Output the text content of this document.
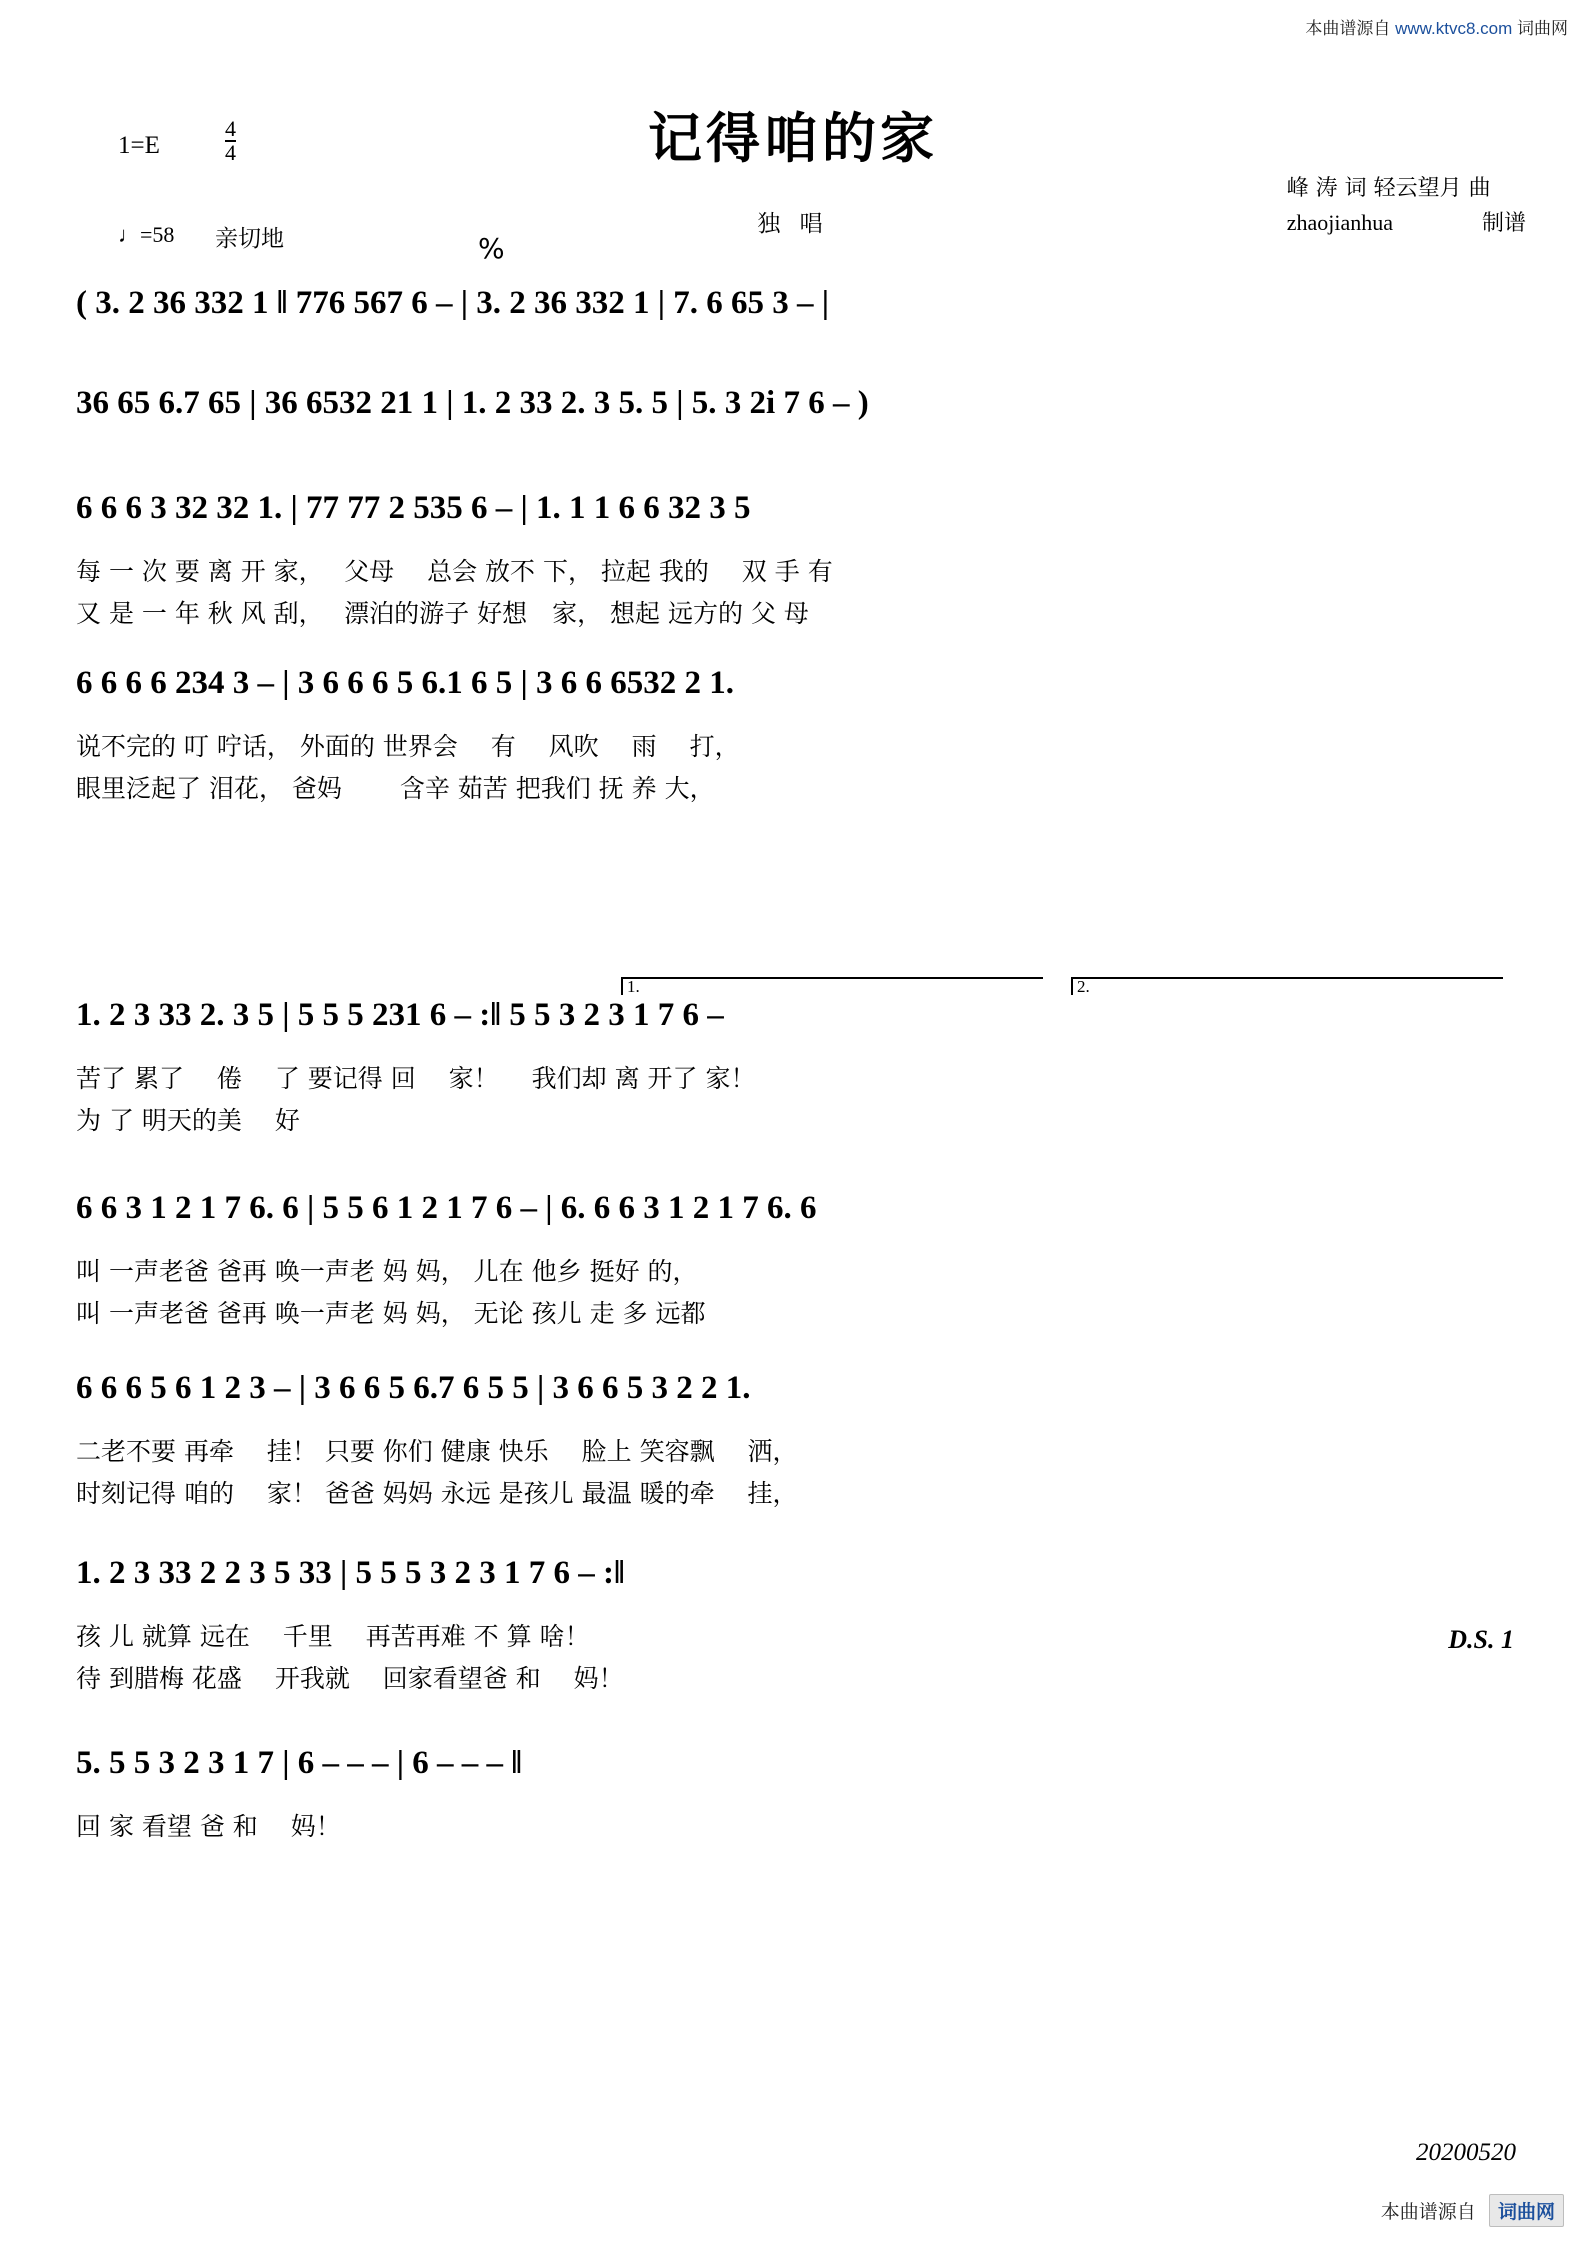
本曲谱源自 www.ktvc8.com 词曲网
本曲谱源自 词曲网
记得咱的家
独 唱
1=E	$\frac{4}{4}$
♩=58 亲切地
峰 涛 词 轻云望月 曲
zhaojianhua	制谱
%
( 3. 2 36 332 1 ‖ 776 567 6 – | 3. 2 36 332 1 | 7. 6 65 3 – |
36 65 6.7 65 | 36 6532 21 1 | 1. 2 33 2. 3 5. 5 | 5. 3 2i 7 6 – )
6 6 6 3 32 32 1. | 77 77 2 535 6 – | 1. 1 1 6 6 32 3 5
每 一 次 要 离 开 家，　 父母　 总会 放不 下， 拉起 我的 　双 手 有
又 是 一 年 秋 风 刮，　 漂泊的游子 好想　家， 想起 远方的 父 母
6 6 6 6 234 3 – | 3 6 6 6 5 6.1 6 5 | 3 6 6 6532 2 1.
说不完的 叮 咛话， 外面的 世界会 　有 　风吹 　雨 　打，
眼里泛起了 泪花， 爸妈 　　含辛 茹苦 把我们 抚 养 大，
1.	2.
1. 2 3 33 2. 3 5 | 5 5 5 231 6 – :‖ 5 5 3 2 3 1 7 6 –
苦了 累了 　倦 　了 要记得 回 　家！ 　我们却 离 开了 家！
为 了 明天的美 　好
6 6 3 1 2 1 7 6. 6 | 5 5 6 1 2 1 7 6 – | 6. 6 6 3 1 2 1 7 6. 6
叫 一声老爸 爸再 唤一声老 妈 妈， 儿在 他乡 挺好 的，
叫 一声老爸 爸再 唤一声老 妈 妈， 无论 孩儿 走 多 远都
6 6 6 5 6 1 2 3 – | 3 6 6 5 6.7 6 5 5 | 3 6 6 5 3 2 2 1.
二老不要 再牵 　挂！ 只要 你们 健康 快乐 　脸上 笑容飘 　洒，
时刻记得 咱的 　家！ 爸爸 妈妈 永远 是孩儿 最温 暖的牵 　挂，
1. 2 3 33 2 2 3 5 33 | 5 5 5 3 2 3 1 7 6 – :‖
孩 儿 就算 远在 　千里 　再苦再难 不 算 啥！
待 到腊梅 花盛 　开我就 　回家看望爸 和 　妈！
D.S. 1
5. 5 5 3 2 3 1 7 | 6 – – – | 6 – – – ‖
回 家 看望 爸 和 　妈！
20200520
